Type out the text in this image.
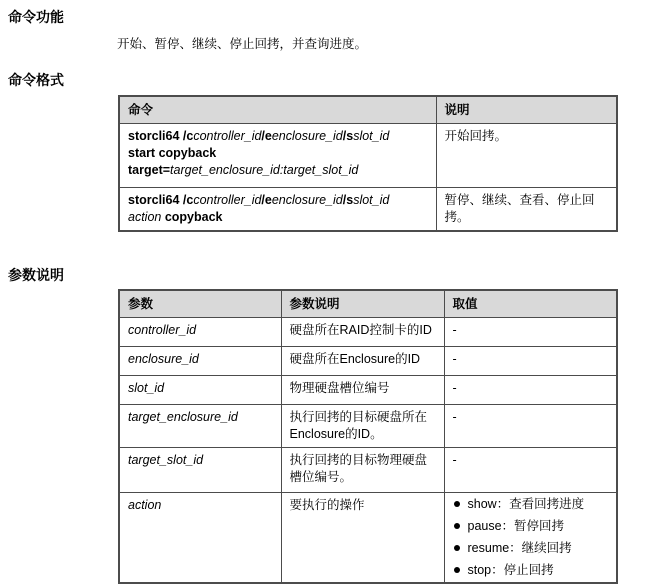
命令功能

开始、暂停、继续、停止回拷，并查询进度。

命令格式
命令	说明

storcli64 /ccontroller_id/eenclosure_id/sslot_id
start copyback
target=target_enclosure_id:target_slot_id	开始回拷。

storcli64 /ccontroller_id/eenclosure_id/sslot_id
action copyback	暂停、继续、查看、停止回拷。
参数说明
参数	参数说明	取值
controller_id	硬盘所在RAID控制卡的ID	-
enclosure_id	硬盘所在Enclosure的ID	-
slot_id	物理硬盘槽位编号	-
target_enclosure_id	执行回拷的目标硬盘所在Enclosure的ID。	-
target_slot_id	执行回拷的目标物理硬盘槽位编号。	-
action	要执行的操作	show：查看回拷进度
pause：暂停回拷
resume：继续回拷
stop：停止回拷
